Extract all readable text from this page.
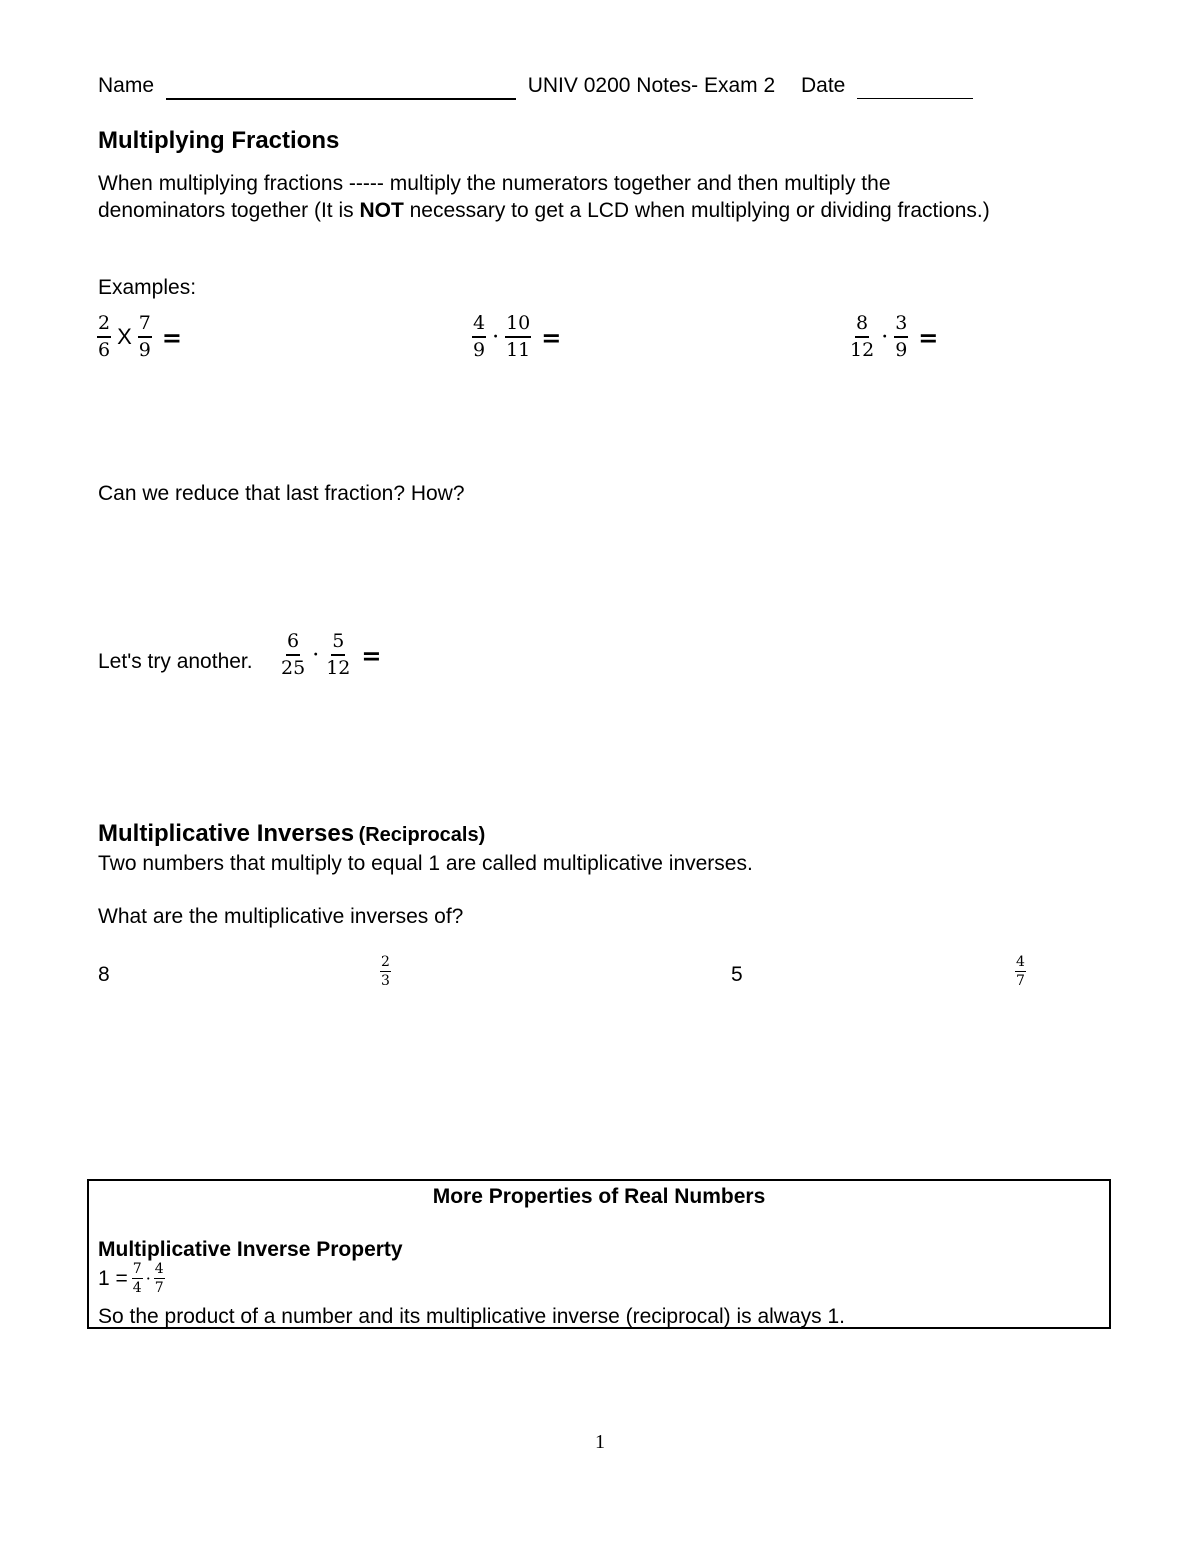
Name	UNIV 0200 Notes- Exam 2 Date
Multiplying Fractions
When multiplying fractions ----- multiply the numerators together and then multiply the
denominators together (It is NOT necessary to get a LCD when multiplying or dividing fractions.)
Examples:
$\frac{2}{6}$ X $\frac{7}{9}$ =	$\frac{4}{9} \cdot \frac{10}{11}$ =	$\frac{8}{12} \cdot \frac{3}{9}$ =
Can we reduce that last fraction? How?
Let's try another. $\frac{6}{25} \cdot \frac{5}{12}$ =
Multiplicative Inverses (Reciprocals)
Two numbers that multiply to equal 1 are called multiplicative inverses.
What are the multiplicative inverses of?
8	$\frac{2}{3}$	5	$\frac{4}{7}$
More Properties of Real Numbers
Multiplicative Inverse Property
$1 = \frac{7}{4} \cdot \frac{4}{7}$
So the product of a number and its multiplicative inverse (reciprocal) is always 1.
1
